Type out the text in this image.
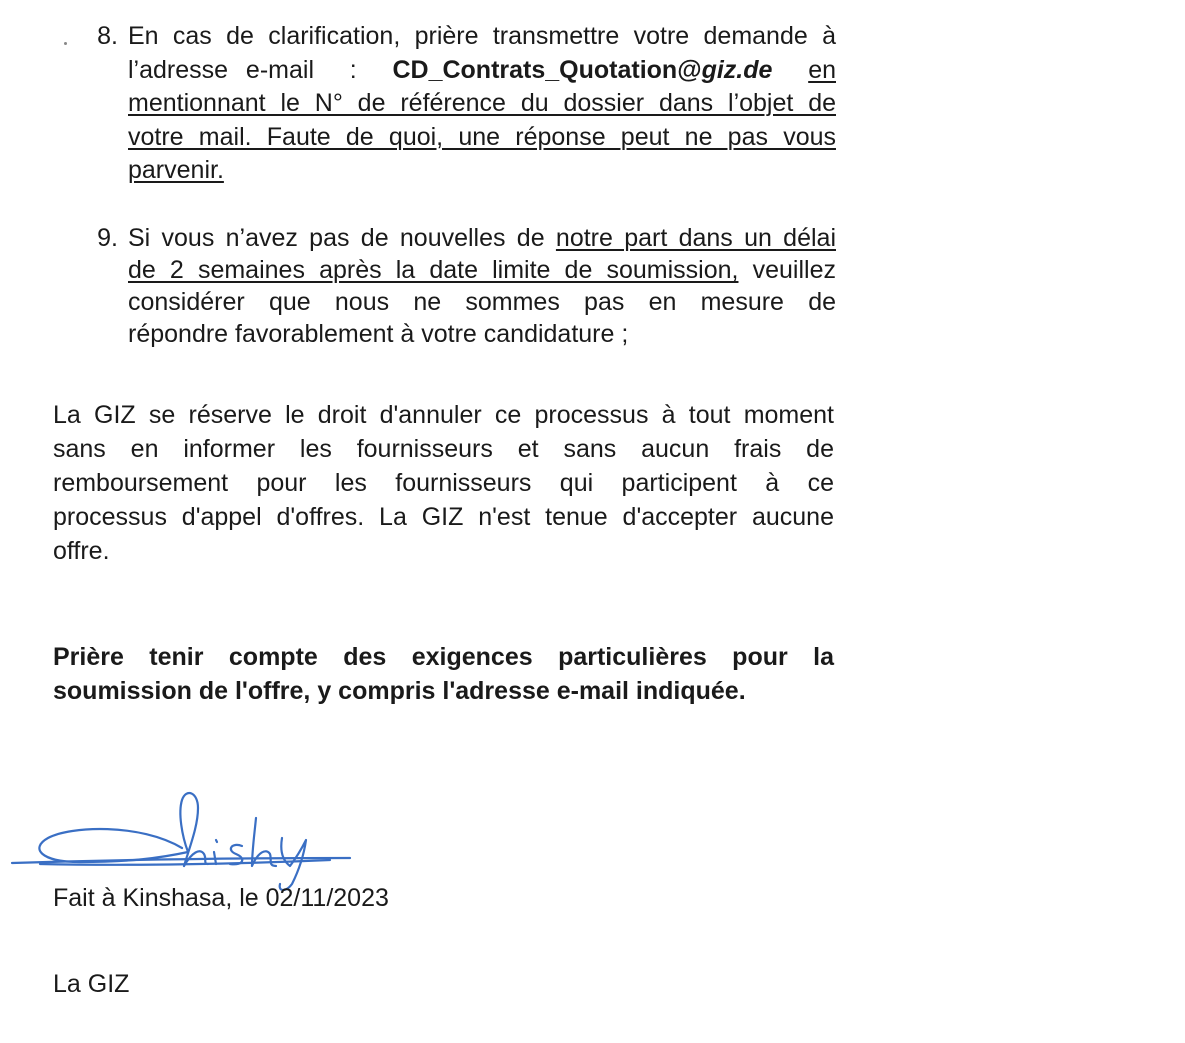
8. En cas de clarification, prière transmettre votre demande à
l’adresse e-mail  :  CD_Contrats_Quotation@giz.de en
mentionnant le N° de référence du dossier dans l’objet de
votre mail. Faute de quoi, une réponse peut ne pas vous
parvenir.
9. Si vous n’avez pas de nouvelles de notre part dans un délai
de 2 semaines après la date limite de soumission, veuillez
considérer que nous ne sommes pas en mesure de
répondre favorablement à votre candidature ;
La GIZ se réserve le droit d'annuler ce processus à tout moment
sans en informer les fournisseurs et sans aucun frais de
remboursement pour les fournisseurs qui participent à ce
processus d'appel d'offres. La GIZ n'est tenue d'accepter aucune
offre.
Prière tenir compte des exigences particulières pour la
soumission de l'offre, y compris l'adresse e-mail indiquée.
Fait à Kinshasa, le 02/11/2023
La GIZ
